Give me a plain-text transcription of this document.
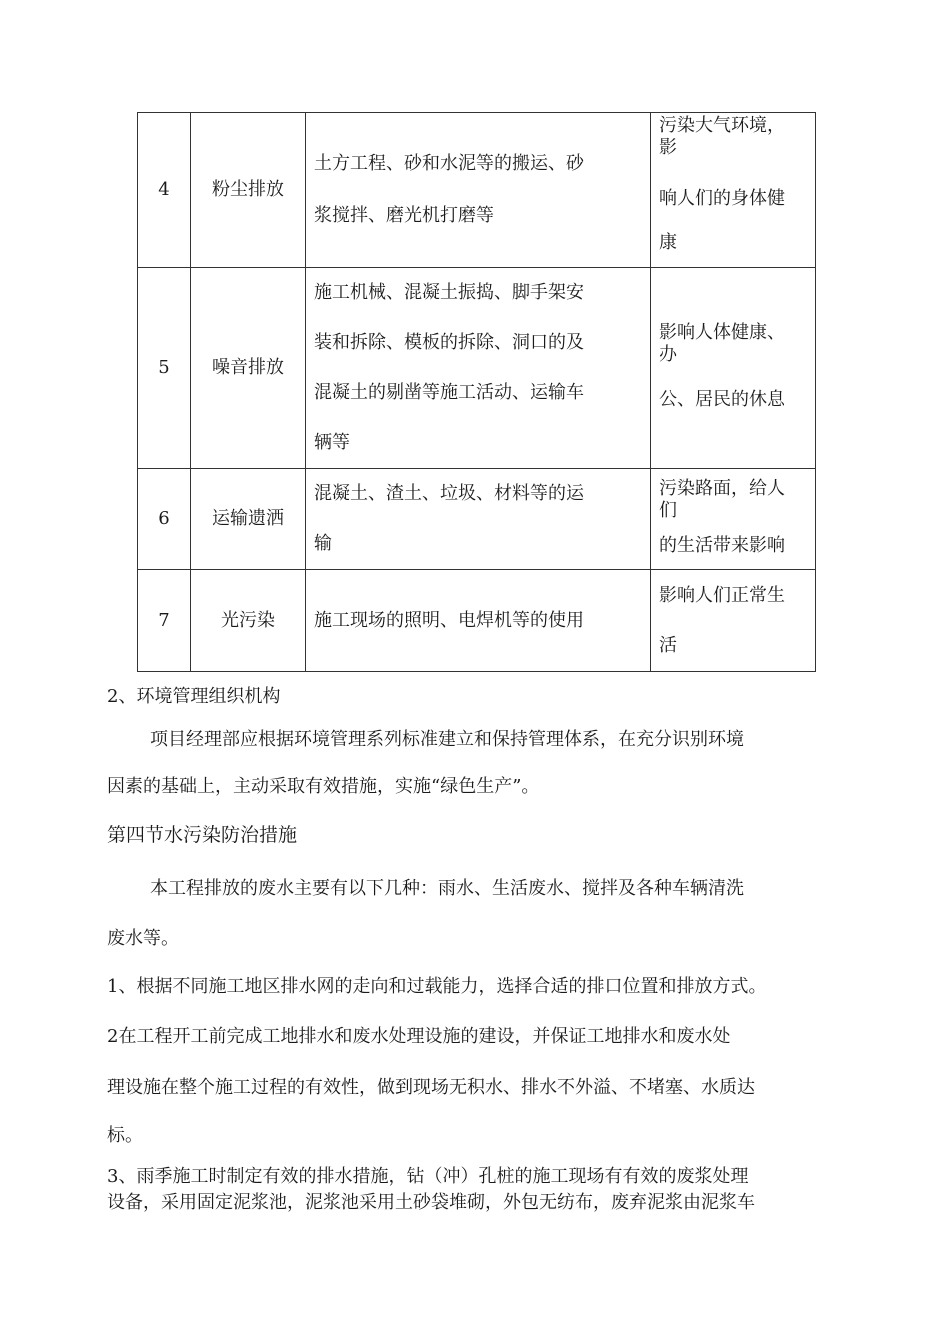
4	粉尘排放	土方工程、砂和水泥等的搬运、砂
浆搅拌、磨光机打磨等	污染大气环境，
影
响人们的身体健
康

5	噪音排放	施工机械、混凝土振捣、脚手架安
装和拆除、模板的拆除、洞口的及
混凝土的剔凿等施工活动、运输车
辆等	影响人体健康、
办
公、居民的休息

6	运输遗洒	混凝土、渣土、垃圾、材料等的运
输	污染路面，给人
们
的生活带来影响

7	光污染	施工现场的照明、电焊机等的使用	影响人们正常生
活
2、环境管理组织机构
项目经理部应根据环境管理系列标准建立和保持管理体系，在充分识别环境
因素的基础上，主动采取有效措施，实施“绿色生产”。
第四节水污染防治措施
本工程排放的废水主要有以下几种：雨水、生活废水、搅拌及各种车辆清洗
废水等。
1、根据不同施工地区排水网的走向和过载能力，选择合适的排口位置和排放方式。
2在工程开工前完成工地排水和废水处理设施的建设，并保证工地排水和废水处
理设施在整个施工过程的有效性，做到现场无积水、排水不外溢、不堵塞、水质达
标。
3、雨季施工时制定有效的排水措施，钻（冲）孔桩的施工现场有有效的废浆处理
设备，采用固定泥浆池，泥浆池采用土砂袋堆砌，外包无纺布，废弃泥浆由泥浆车
